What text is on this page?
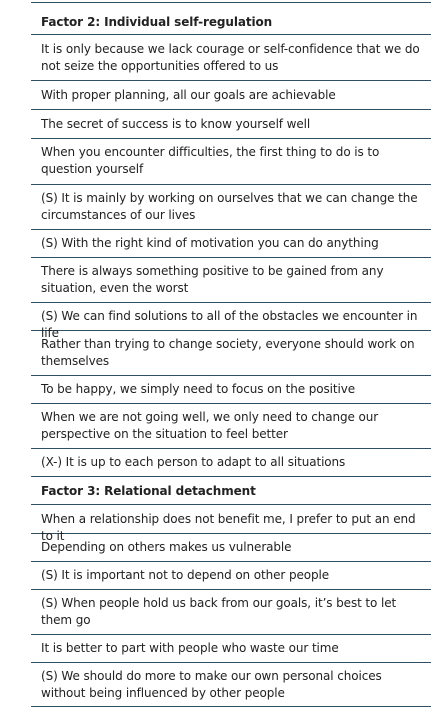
Factor 2: Individual self-regulation
It is only because we lack courage or self-confidence that we do not seize the opportunities offered to us
With proper planning, all our goals are achievable
The secret of success is to know yourself well
When you encounter difficulties, the first thing to do is to question yourself
(S) It is mainly by working on ourselves that we can change the circumstances of our lives
(S) With the right kind of motivation you can do anything
There is always something positive to be gained from any situation, even the worst
(S) We can find solutions to all of the obstacles we encounter in life
Rather than trying to change society, everyone should work on themselves
To be happy, we simply need to focus on the positive
When we are not going well, we only need to change our perspective on the situation to feel better
(X-) It is up to each person to adapt to all situations
Factor 3: Relational detachment
When a relationship does not benefit me, I prefer to put an end to it
Depending on others makes us vulnerable
(S) It is important not to depend on other people
(S) When people hold us back from our goals, it’s best to let them go
It is better to part with people who waste our time
(S) We should do more to make our own personal choices without being influenced by other people
